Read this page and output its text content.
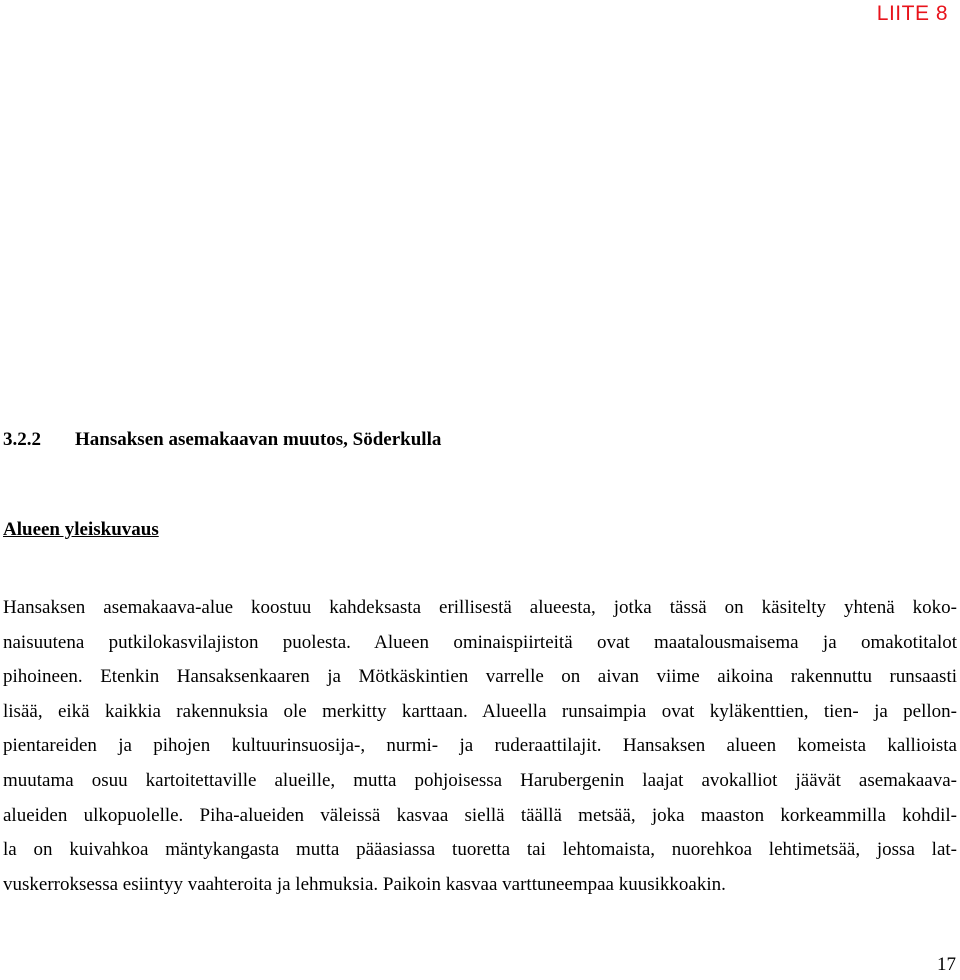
LIITE 8
3.2.2 Hansaksen asemakaavan muutos, Söderkulla
Alueen yleiskuvaus

Hansaksen asemakaava-alue koostuu kahdeksasta erillisestä alueesta, jotka tässä on käsitelty yhtenä koko-
naisuutena putkilokasvilajiston puolesta. Alueen ominaispiirteitä ovat maatalousmaisema ja omakotitalot
pihoineen. Etenkin Hansaksenkaaren ja Mötkäskintien varrelle on aivan viime aikoina rakennuttu runsaasti
lisää, eikä kaikkia rakennuksia ole merkitty karttaan. Alueella runsaimpia ovat kyläkenttien, tien- ja pellon-
pientareiden ja pihojen kultuurinsuosija-, nurmi- ja ruderaattilajit. Hansaksen alueen komeista kallioista
muutama osuu kartoitettaville alueille, mutta pohjoisessa Harubergenin laajat avokalliot jäävät asemakaava-
alueiden ulkopuolelle. Piha-alueiden väleissä kasvaa siellä täällä metsää, joka maaston korkeammilla kohdil-
la on kuivahkoa mäntykangasta mutta pääasiassa tuoretta tai lehtomaista, nuorehkoa lehtimetsää, jossa lat-
vuskerroksessa esiintyy vaahteroita ja lehmuksia. Paikoin kasvaa varttuneempaa kuusikkoakin.

17
